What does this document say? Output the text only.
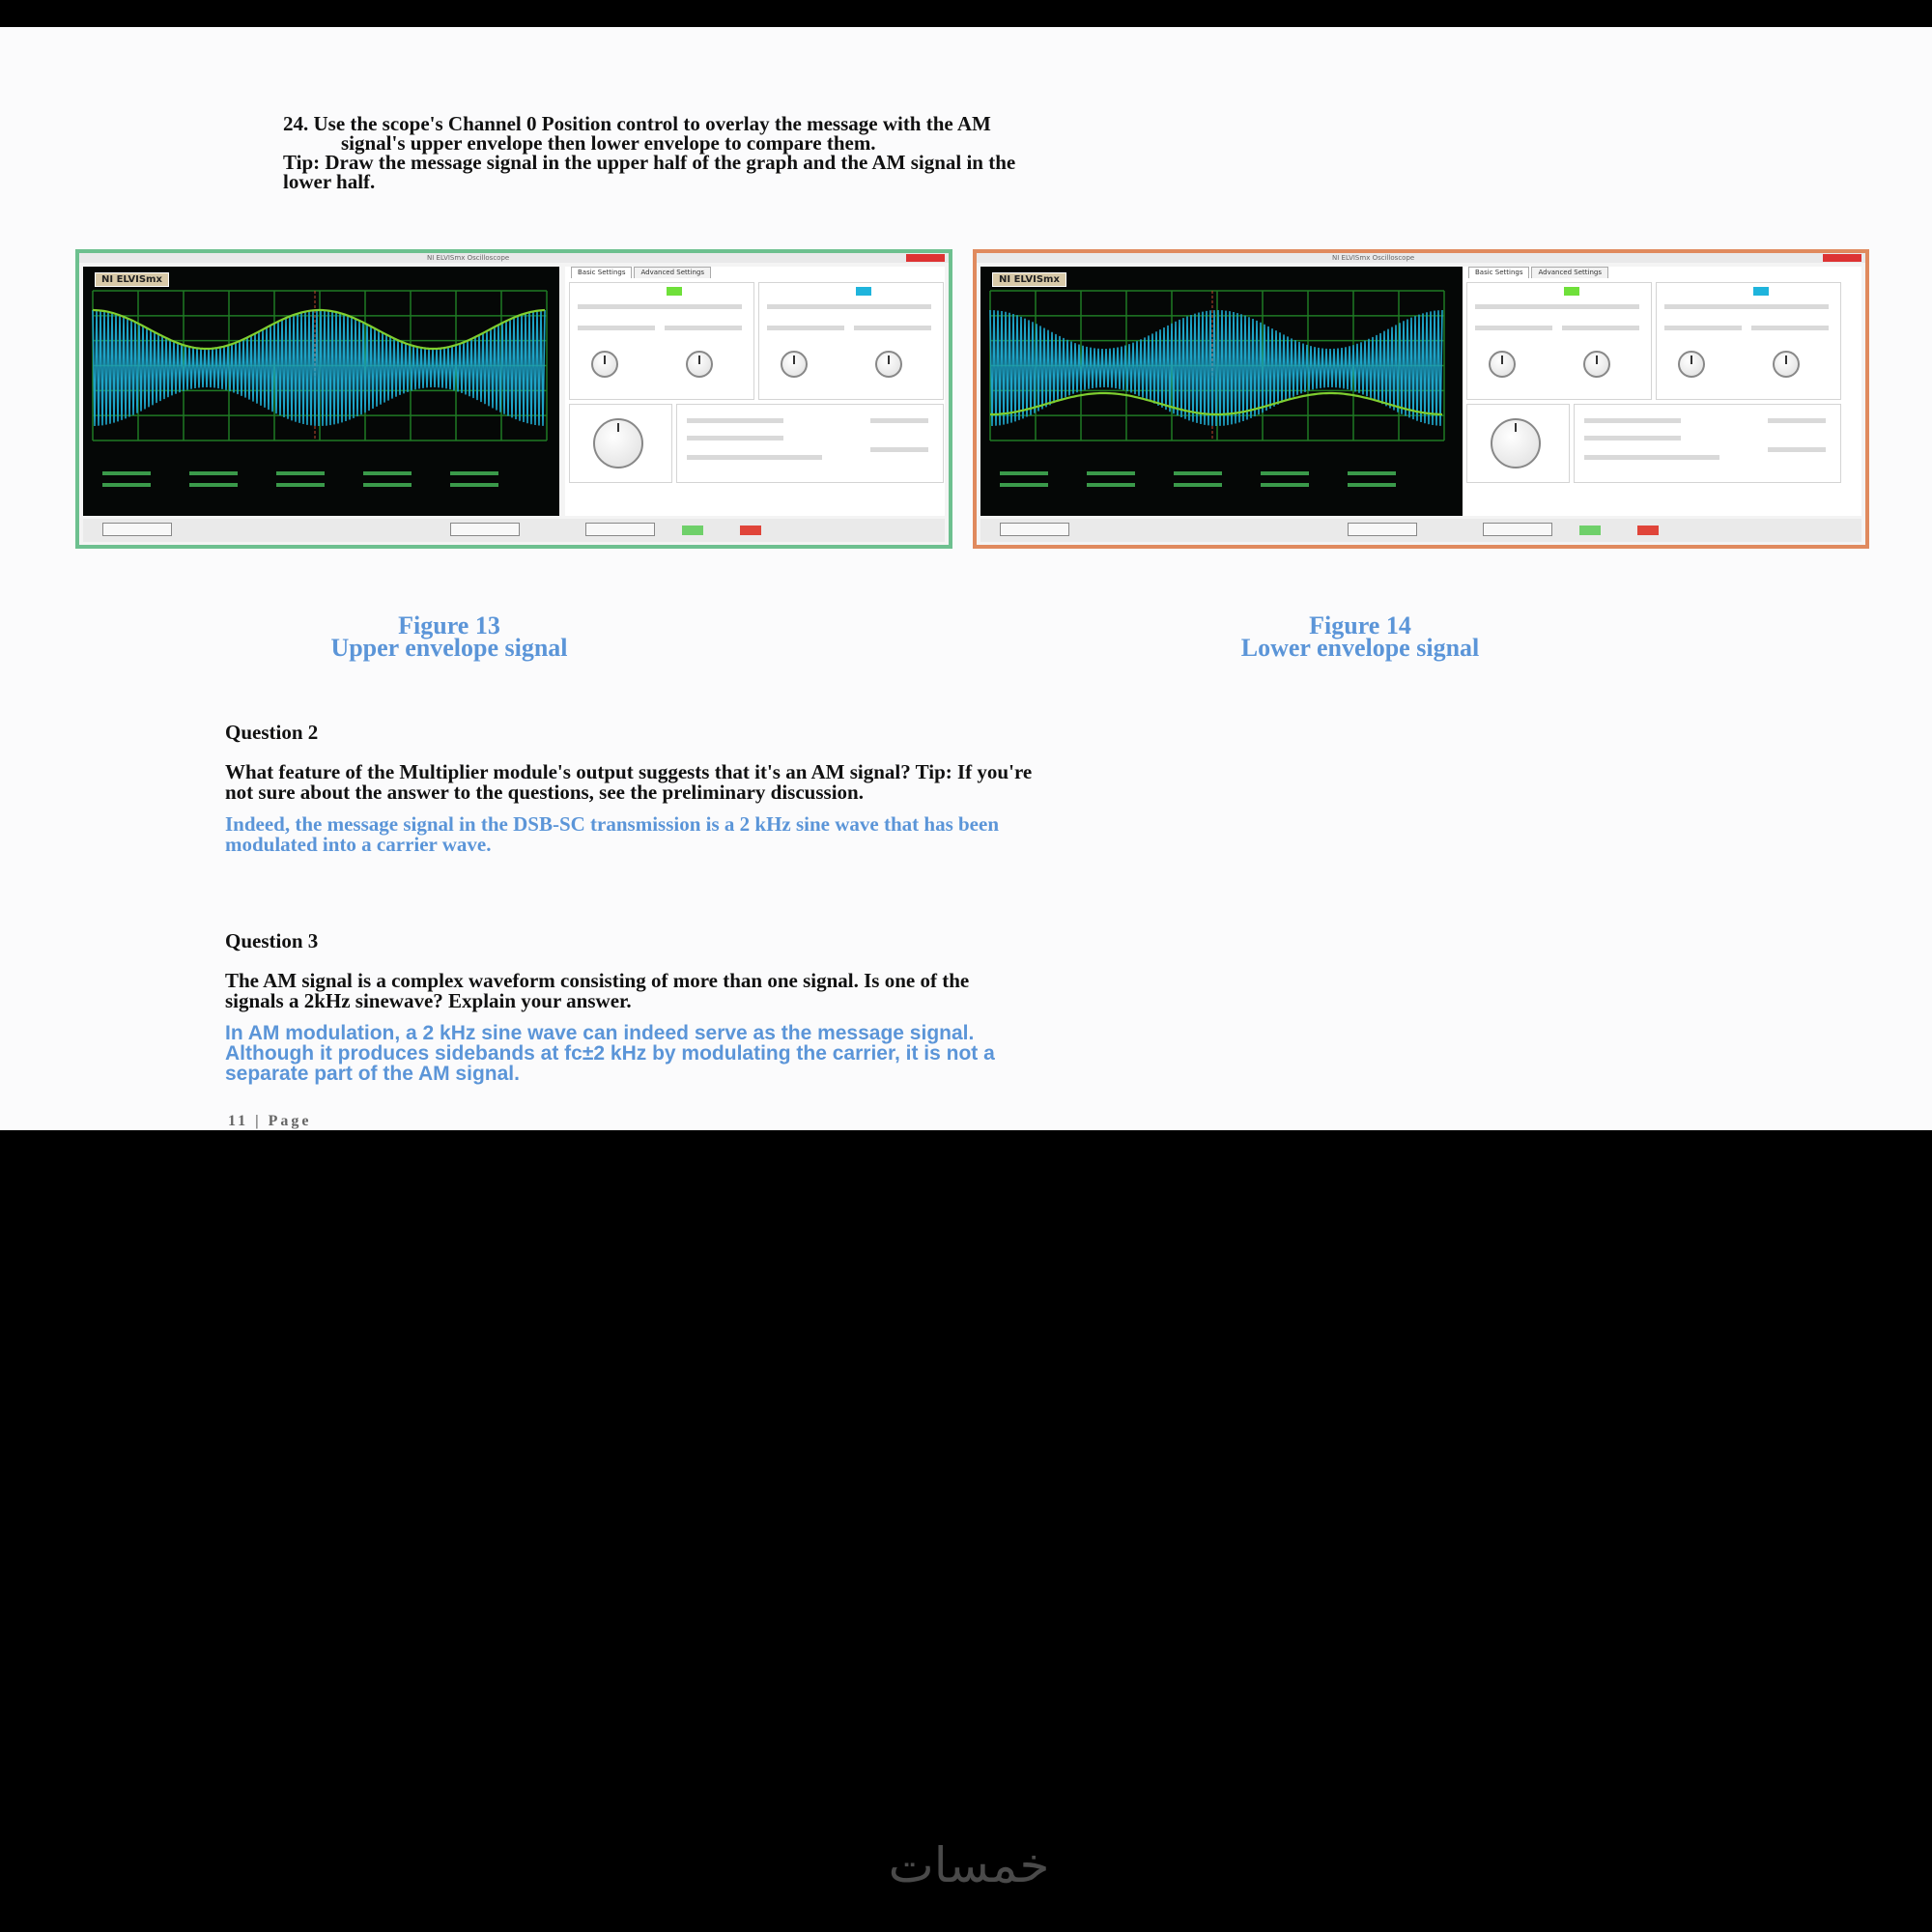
24. Use the scope's Channel 0 Position control to overlay the message with the AM

signal's upper envelope then lower envelope to compare them.

Tip: Draw the message signal in the upper half of the graph and the AM signal in the

lower half.

NI ELVISmx Oscilloscope
NI ELVISmx
Basic Settings	Advanced Settings
NI ELVISmx Oscilloscope
NI ELVISmx
Basic Settings	Advanced Settings
Figure 13
Upper envelope signal
Figure 14
Lower envelope signal

Question 2

What feature of the Multiplier module's output suggests that it's an AM signal? Tip: If you're
not sure about the answer to the questions, see the preliminary discussion.

Indeed, the message signal in the DSB-SC transmission is a 2 kHz sine wave that has been
modulated into a carrier wave.

Question 3

The AM signal is a complex waveform consisting of more than one signal. Is one of the
signals a 2kHz sinewave? Explain your answer.

In AM modulation, a 2 kHz sine wave can indeed serve as the message signal.
Although it produces sidebands at fc±2 kHz by modulating the carrier, it is not a
separate part of the AM signal.

11 | Page
خمسات
